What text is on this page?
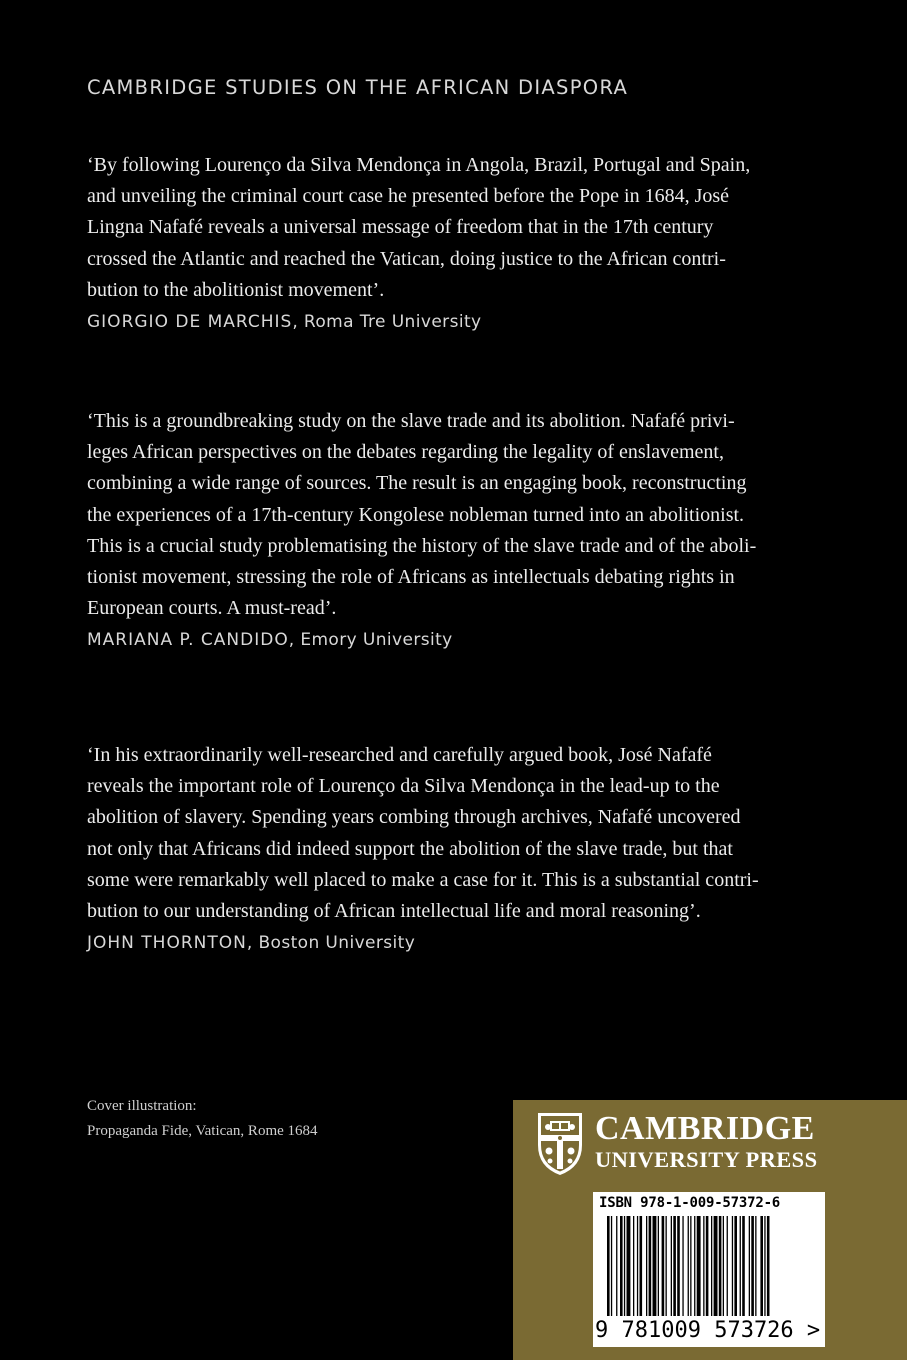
CAMBRIDGE STUDIES ON THE AFRICAN DIASPORA

‘By following Lourenço da Silva Mendonça in Angola, Brazil, Portugal and Spain,
and unveiling the criminal court case he presented before the Pope in 1684, José
Lingna Nafafé reveals a universal message of freedom that in the 17th century
crossed the Atlantic and reached the Vatican, doing justice to the African contri-
bution to the abolitionist movement’.

GIORGIO DE MARCHIS, Roma Tre University

‘This is a groundbreaking study on the slave trade and its abolition. Nafafé privi-
leges African perspectives on the debates regarding the legality of enslavement,
combining a wide range of sources. The result is an engaging book, reconstructing
the experiences of a 17th-century Kongolese nobleman turned into an abolitionist.
This is a crucial study problematising the history of the slave trade and of the aboli-
tionist movement, stressing the role of Africans as intellectuals debating rights in
European courts. A must-read’.

MARIANA P. CANDIDO, Emory University

‘In his extraordinarily well-researched and carefully argued book, José Nafafé
reveals the important role of Lourenço da Silva Mendonça in the lead-up to the
abolition of slavery. Spending years combing through archives, Nafafé uncovered
not only that Africans did indeed support the abolition of the slave trade, but that
some were remarkably well placed to make a case for it. This is a substantial contri-
bution to our understanding of African intellectual life and moral reasoning’.

JOHN THORNTON, Boston University
Cover illustration:
Propaganda Fide, Vatican, Rome 1684	CAMBRIDGE
UNIVERSITY PRESS
ISBN 978-1-009-57372-6
9 781009 573726 >
